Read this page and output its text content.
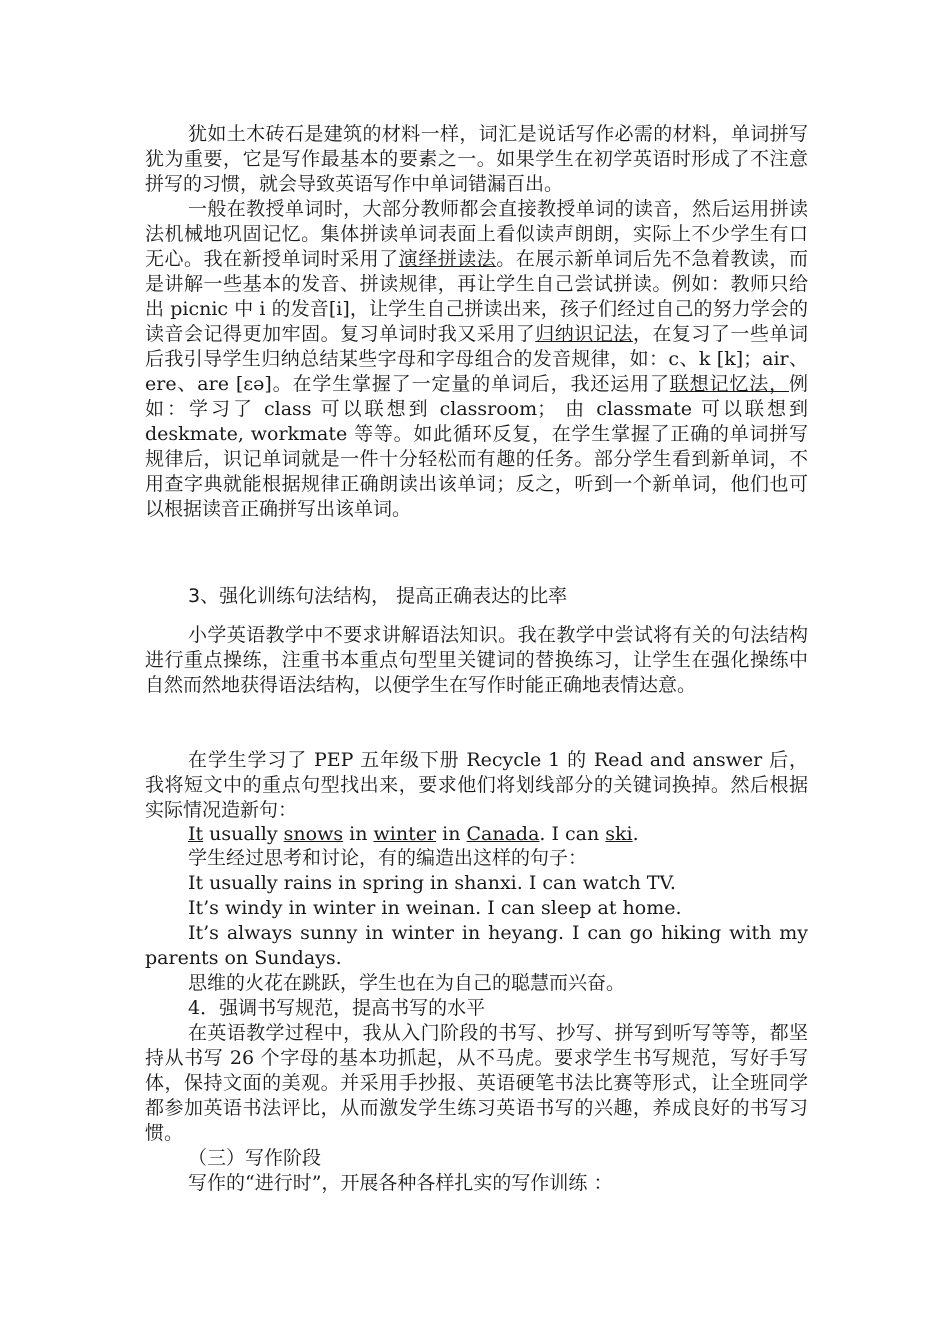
犹如土木砖石是建筑的材料一样，词汇是说话写作必需的材料，单词拼写犹为重要，它是写作最基本的要素之一。如果学生在初学英语时形成了不注意拼写的习惯，就会导致英语写作中单词错漏百出。

一般在教授单词时，大部分教师都会直接教授单词的读音，然后运用拼读法机械地巩固记忆。集体拼读单词表面上看似读声朗朗，实际上不少学生有口无心。我在新授单词时采用了演绎拼读法。在展示新单词后先不急着教读，而是讲解一些基本的发音、拼读规律，再让学生自己尝试拼读。例如：教师只给出 picnic 中 i 的发音[i]，让学生自己拼读出来，孩子们经过自己的努力学会的读音会记得更加牢固。复习单词时我又采用了归纳识记法，在复习了一些单词后我引导学生归纳总结某些字母和字母组合的发音规律，如：c、k [k]；air、ere、are [ɛə]。在学生掌握了一定量的单词后，我还运用了联想记忆法，例如：学习了 class 可以联想到 classroom； 由 classmate 可以联想到 deskmate, workmate 等等。如此循环反复，在学生掌握了正确的单词拼写规律后，识记单词就是一件十分轻松而有趣的任务。部分学生看到新单词，不用查字典就能根据规律正确朗读出该单词；反之，听到一个新单词，他们也可以根据读音正确拼写出该单词。

3、强化训练句法结构， 提高正确表达的比率

小学英语教学中不要求讲解语法知识。我在教学中尝试将有关的句法结构进行重点操练，注重书本重点句型里关键词的替换练习，让学生在强化操练中自然而然地获得语法结构，以便学生在写作时能正确地表情达意。

在学生学习了 PEP 五年级下册 Recycle 1 的 Read and answer 后，我将短文中的重点句型找出来，要求他们将划线部分的关键词换掉。然后根据实际情况造新句：

It usually snows in winter in Canada. I can ski.

学生经过思考和讨论，有的编造出这样的句子：

It usually rains in spring in shanxi. I can watch TV.

It’s windy in winter in weinan. I can sleep at home.

It’s always sunny in winter in heyang. I can go hiking with my parents on Sundays.

思维的火花在跳跃，学生也在为自己的聪慧而兴奋。

4．强调书写规范，提高书写的水平

在英语教学过程中，我从入门阶段的书写、抄写、拼写到听写等等，都坚持从书写 26 个字母的基本功抓起，从不马虎。要求学生书写规范，写好手写体，保持文面的美观。并采用手抄报、英语硬笔书法比赛等形式，让全班同学都参加英语书法评比，从而激发学生练习英语书写的兴趣，养成良好的书写习惯。

（三）写作阶段

写作的“进行时”，开展各种各样扎实的写作训练 ：
